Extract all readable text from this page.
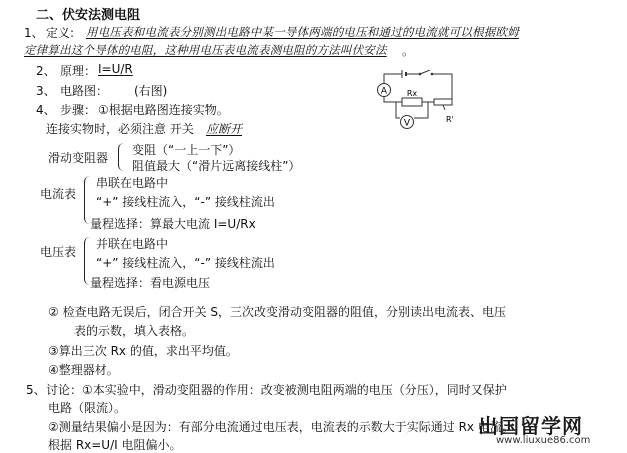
二、伏安法测电阻
1、 定义: 用电压表和电流表分别测出电路中某一导体两端的电压和通过的电流就可以根据欧姆
定律算出这个导体的电阻，这种用电压表电流表测电阻的方法叫伏安法 。
2、 原理： I=U/R
3、 电路图： (右图)
4、 步骤： ①根据电路图连接实物。
连接实物时，必须注意 开关 应断开
滑动变阻器
变阻（“一上一下”）
阻值最大（“滑片远离接线柱”）
电流表
串联在电路中
“+” 接线柱流入，“-” 接线柱流出
量程选择：算最大电流 I=U/Rx
电压表
并联在电路中
“+” 接线柱流入，“-” 接线柱流出
量程选择：看电源电压
② 检查电路无误后，闭合开关 S，三次改变滑动变阻器的阻值，分别读出电流表、电压
表的示数，填入表格。
③算出三次 Rx 的值，求出平均值。
④整理器材。
5、 讨论：①本实验中，滑动变阻器的作用：改变被测电阻两端的电压（分压），同时又保护
电路（限流）。
②测量结果偏小是因为：有部分电流通过电压表，电流表的示数大于实际通过 Rx 电流。
根据 Rx=U/I 电阻偏小。
A Rx
R'
V
出国留学网
www.liuxue86.com
